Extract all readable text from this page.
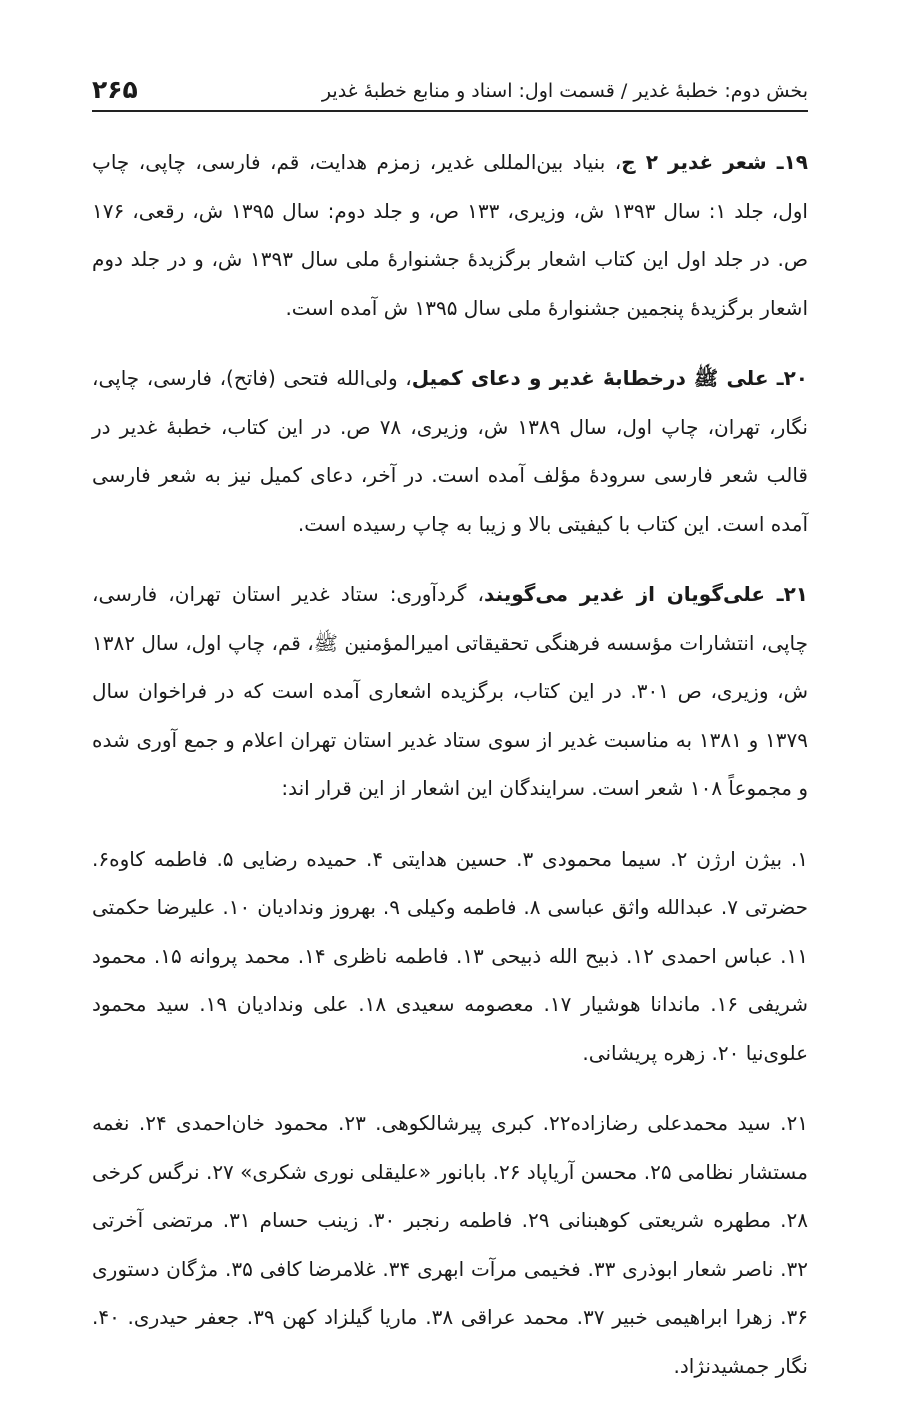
بخش دوم: خطبهٔ غدیر / قسمت اول: اسناد و منابع خطبهٔ غدیر
۲۶۵

۱۹ـ شعر غدیر ۲ ج، بنیاد بین‌المللی غدیر، زمزم هدایت، قم، فارسی، چاپی، چاپ اول، جلد ۱: سال ۱۳۹۳ ش، وزیری، ۱۳۳ ص، و جلد دوم: سال ۱۳۹۵ ش، رقعی، ۱۷۶ ص. در جلد اول این کتاب اشعار برگزیدهٔ جشنوارهٔ ملی سال ۱۳۹۳ ش، و در جلد دوم اشعار برگزیدهٔ پنجمین جشنوارهٔ ملی سال ۱۳۹۵ ش آمده است.

۲۰ـ علی ﷺ درخطابهٔ غدیر و دعای کمیل، ولی‌الله فتحی (فاتح)، فارسی، چاپی، نگار، تهران، چاپ اول، سال ۱۳۸۹ ش، وزیری، ۷۸ ص. در این کتاب، خطبهٔ غدیر در قالب شعر فارسی سرودهٔ مؤلف آمده است. در آخر، دعای کمیل نیز به شعر فارسی آمده است. این کتاب با کیفیتی بالا و زیبا به چاپ رسیده است.

۲۱ـ علی‌گویان از غدیر می‌گویند، گردآوری: ستاد غدیر استان تهران، فارسی، چاپی، انتشارات مؤسسه فرهنگی تحقیقاتی امیرالمؤمنین ﷺ، قم، چاپ اول، سال ۱۳۸۲ ش، وزیری، ص ۳۰۱. در این کتاب، برگزیده اشعاری آمده است که در فراخوان سال ۱۳۷۹ و ۱۳۸۱ به مناسبت غدیر از سوی ستاد غدیر استان تهران اعلام و جمع آوری شده و مجموعاً ۱۰۸ شعر است. سرایندگان این اشعار از این قرار اند:

۱. بیژن ارژن ۲. سیما محمودی ۳. حسین هدایتی ۴. حمیده رضایی ۵. فاطمه کاوه۶. حضرتی ۷. عبدالله واثق عباسی ۸. فاطمه وکیلی ۹. بهروز وندادیان ۱۰. علیرضا حکمتی ۱۱. عباس احمدی ۱۲. ذبیح الله ذبیحی ۱۳. فاطمه ناظری ۱۴. محمد پروانه ۱۵. محمود شریفی ۱۶. ماندانا هوشیار ۱۷. معصومه سعیدی ۱۸. علی وندادیان ۱۹. سید محمود علوی‌نیا ۲۰. زهره پریشانی.

۲۱. سید محمدعلی رضازاده۲۲. کبری پیرشالکوهی. ۲۳. محمود خان‌احمدی ۲۴. نغمه مستشار نظامی ۲۵. محسن آریاپاد ۲۶. بابانور «علیقلی نوری شکری» ۲۷. نرگس کرخی ۲۸. مطهره شریعتی کوهبنانی ۲۹. فاطمه رنجبر ۳۰. زینب حسام ۳۱. مرتضی آخرتی ۳۲. ناصر شعار ابوذری ۳۳. فخیمی مرآت ابهری ۳۴. غلامرضا کافی ۳۵. مژگان دستوری ۳۶. زهرا ابراهیمی خبیر ۳۷. محمد عراقی ۳۸. ماریا گیلزاد کهن ۳۹. جعفر حیدری. ۴۰. نگار جمشیدنژاد.
